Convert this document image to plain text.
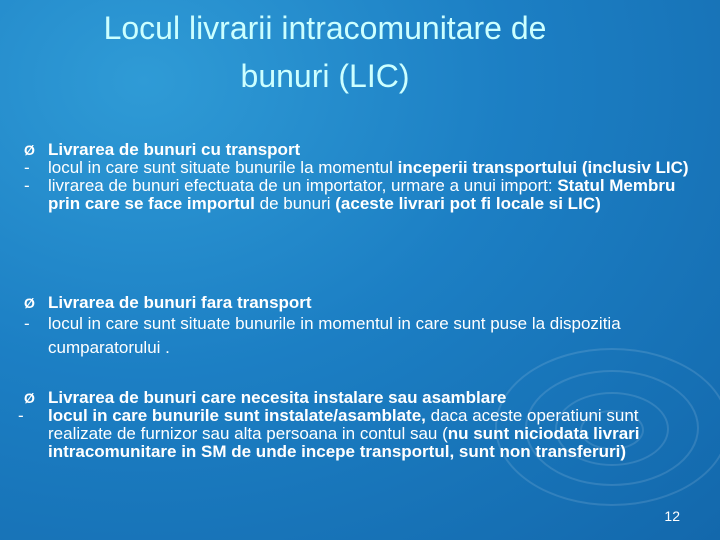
Locul livrarii intracomunitare de
bunuri (LIC)
Ø Livrarea de bunuri cu transport
- locul in care sunt situate bunurile la momentul inceperii transportului (inclusiv LIC)
- livrarea de bunuri efectuata de un importator, urmare a unui import: Statul Membru prin care se face importul de bunuri (aceste livrari pot fi locale si LIC)
Ø Livrarea de bunuri fara transport
- locul in care sunt situate bunurile in momentul in care sunt puse la dispozitia cumparatorului .
Ø Livrarea de bunuri care necesita instalare sau asamblare
- locul in care bunurile sunt instalate/asamblate, daca aceste operatiuni sunt realizate de furnizor sau alta persoana in contul sau (nu sunt niciodata livrari intracomunitare in SM de unde incepe transportul, sunt non transferuri)
12
